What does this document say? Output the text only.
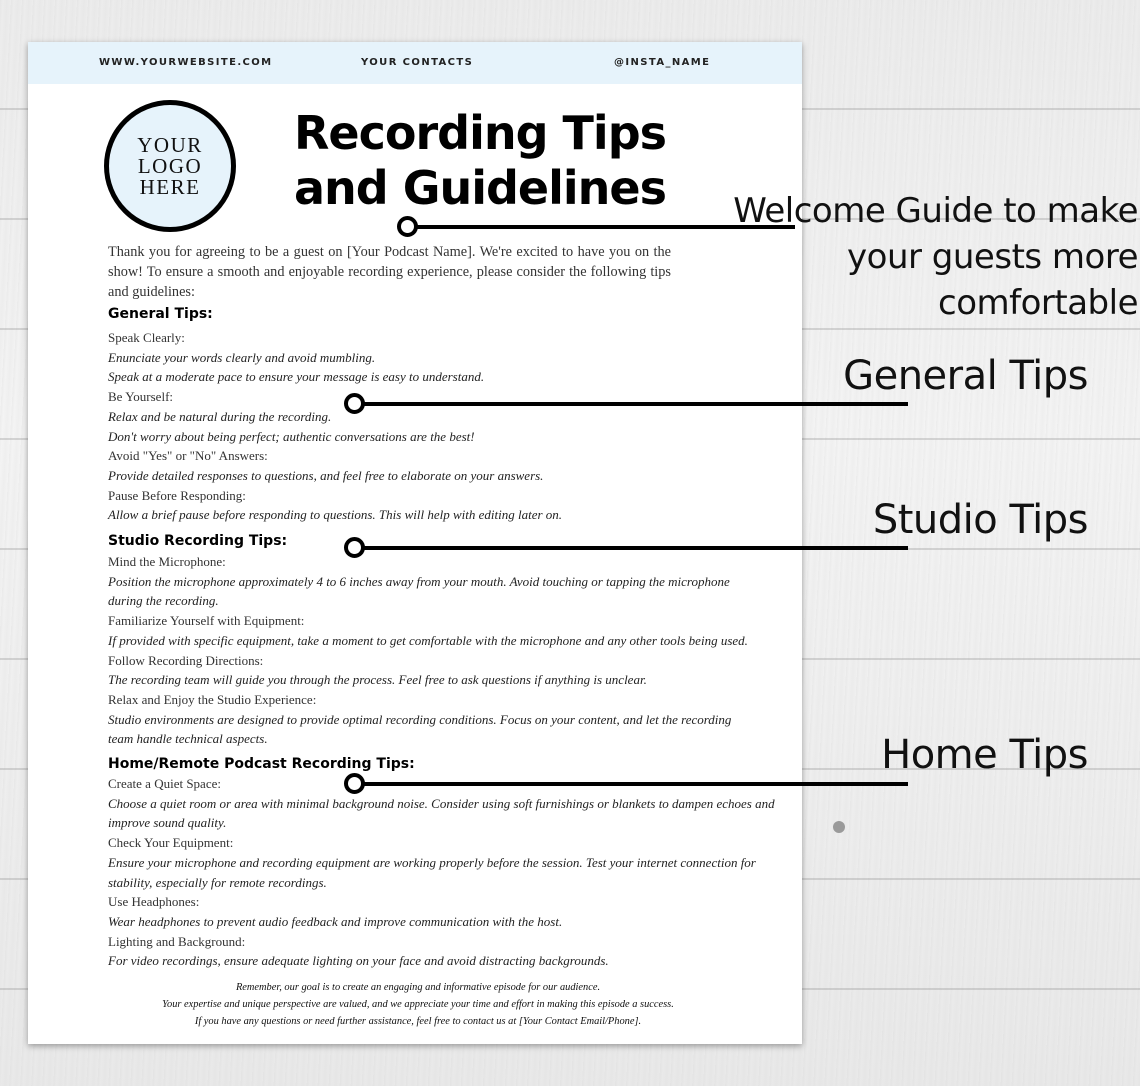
WWW.YOURWEBSITE.COM	YOUR CONTACTS	@INSTA_NAME
YOUR
LOGO
HERE
Recording Tips
and Guidelines
Thank you for agreeing to be a guest on [Your Podcast Name]. We're excited to have you on the show! To ensure a smooth and enjoyable recording experience, please consider the following tips and guidelines:
General Tips:
Speak Clearly:
Enunciate your words clearly and avoid mumbling.
Speak at a moderate pace to ensure your message is easy to understand.
Be Yourself:
Relax and be natural during the recording.
Don't worry about being perfect; authentic conversations are the best!
Avoid "Yes" or "No" Answers:
Provide detailed responses to questions, and feel free to elaborate on your answers.
Pause Before Responding:
Allow a brief pause before responding to questions. This will help with editing later on.
Studio Recording Tips:
Mind the Microphone:
Position the microphone approximately 4 to 6 inches away from your mouth. Avoid touching or tapping the microphone
during the recording.
Familiarize Yourself with Equipment:
If provided with specific equipment, take a moment to get comfortable with the microphone and any other tools being used.
Follow Recording Directions:
The recording team will guide you through the process. Feel free to ask questions if anything is unclear.
Relax and Enjoy the Studio Experience:
Studio environments are designed to provide optimal recording conditions. Focus on your content, and let the recording
team handle technical aspects.
Home/Remote Podcast Recording Tips:
Create a Quiet Space:
Choose a quiet room or area with minimal background noise. Consider using soft furnishings or blankets to dampen echoes and
improve sound quality.
Check Your Equipment:
Ensure your microphone and recording equipment are working properly before the session. Test your internet connection for
stability, especially for remote recordings.
Use Headphones:
Wear headphones to prevent audio feedback and improve communication with the host.
Lighting and Background:
For video recordings, ensure adequate lighting on your face and avoid distracting backgrounds.
Remember, our goal is to create an engaging and informative episode for our audience.
Your expertise and unique perspective are valued, and we appreciate your time and effort in making this episode a success.
If you have any questions or need further assistance, feel free to contact us at [Your Contact Email/Phone].
Welcome Guide to make
your guests more
comfortable
General Tips
Studio Tips
Home Tips
